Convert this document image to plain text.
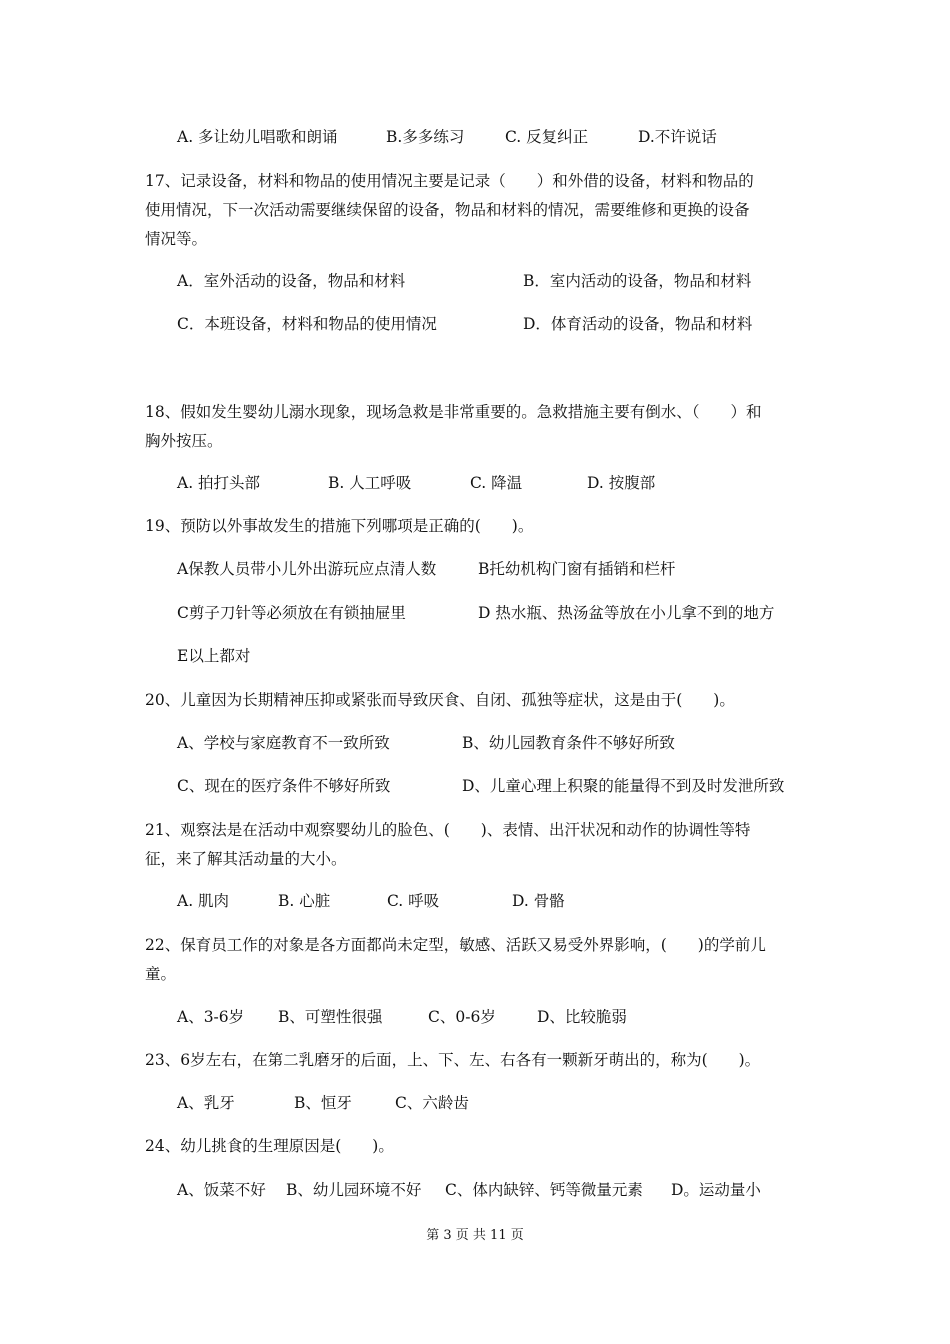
A. 多让幼儿唱歌和朗诵	B.多多练习	C. 反复纠正	D.不许说话
17、记录设备，材料和物品的使用情况主要是记录（　　）和外借的设备，材料和物品的
使用情况，下一次活动需要继续保留的设备，物品和材料的情况，需要维修和更换的设备
情况等。
A．室外活动的设备，物品和材料	B．室内活动的设备，物品和材料
C．本班设备，材料和物品的使用情况	D．体育活动的设备，物品和材料
18、假如发生婴幼儿溺水现象，现场急救是非常重要的。急救措施主要有倒水、（　　）和
胸外按压。
A. 拍打头部	B. 人工呼吸	C. 降温	D. 按腹部
19、预防以外事故发生的措施下列哪项是正确的(　　)。
A保教人员带小儿外出游玩应点清人数	B托幼机构门窗有插销和栏杆
C剪子刀针等必须放在有锁抽屉里	D 热水瓶、热汤盆等放在小儿拿不到的地方
E以上都对
20、儿童因为长期精神压抑或紧张而导致厌食、自闭、孤独等症状，这是由于(　　)。
A、学校与家庭教育不一致所致	B、幼儿园教育条件不够好所致
C、现在的医疗条件不够好所致	D、儿童心理上积聚的能量得不到及时发泄所致
21、观察法是在活动中观察婴幼儿的脸色、(　　)、表情、出汗状况和动作的协调性等特
征，来了解其活动量的大小。
A. 肌肉	B. 心脏	C. 呼吸	D. 骨骼
22、保育员工作的对象是各方面都尚未定型，敏感、活跃又易受外界影响，(　　)的学前儿
童。
A、3-6岁 B、可塑性很强	C、0-6岁	D、比较脆弱
23、6岁左右，在第二乳磨牙的后面，上、下、左、右各有一颗新牙萌出的，称为(　　)。
A、乳牙	B、恒牙	C、六龄齿
24、幼儿挑食的生理原因是(　　)。
A、饭菜不好 B、幼儿园环境不好 C、体内缺锌、钙等微量元素 D。运动量小
第 3 页 共 11 页
